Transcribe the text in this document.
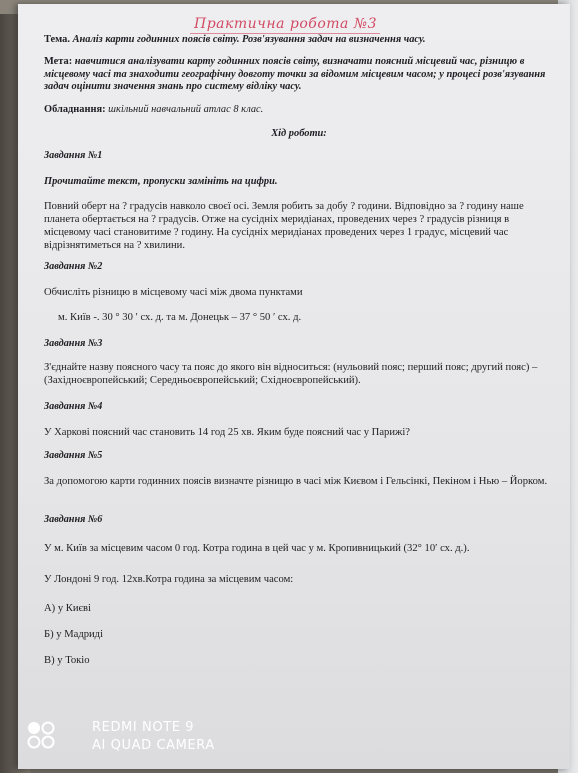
Практична робота №3
Тема. Аналіз карти годинних поясів світу. Розв'язування задач на визначення часу.
Мета: навчитися аналізувати карту годинних поясів світу, визначати поясний місцевий час, різницю в місцевому часі та знаходити географічну довготу точки за відомим місцевим часом; у процесі розв'язування задач оцінити значення знань про систему відліку часу.
Обладнання: шкільний навчальний атлас 8 клас.
Хід роботи:
Завдання №1
Прочитайте текст, пропуски замініть на цифри.
Повний оберт на ? градусів навколо своєї осі. Земля робить за добу ? години. Відповідно за ? годину наше планета обертається на ? градусів. Отже на сусідніх меридіанах, проведених через ? градусів різниця в місцевому часі становитиме ? годину. На сусідніх меридіанах проведених через 1 градус, місцевий час відрізнятиметься на ? хвилини.
Завдання №2
Обчисліть різницю в місцевому часі між двома пунктами
м. Київ -. 30 ° 30 ′ сх. д. та м. Донецьк – 37 ° 50 ′ сх. д.
Завдання №3
З'єднайте назву поясного часу та пояс до якого він відноситься: (нульовий пояс; перший пояс; другий пояс) – (Західноєвропейський; Середньоєвропейський; Східноєвропейський).
Завдання №4
У Харкові поясний час становить 14 год 25 хв. Яким буде поясний час у Парижі?
Завдання №5
За допомогою карти годинних поясів визначте різницю в часі між Києвом і Гельсінкі, Пекіном і Нью – Йорком.
Завдання №6
У м. Київ за місцевим часом 0 год. Котра година в цей час у м. Кропивницький (32° 10′ сх. д.).
У Лондоні 9 год. 12хв.Котра година за місцевим часом:
А) у Києві
Б) у Мадриді
В) у Токіо
REDMI NOTE 9
AI QUAD CAMERA
